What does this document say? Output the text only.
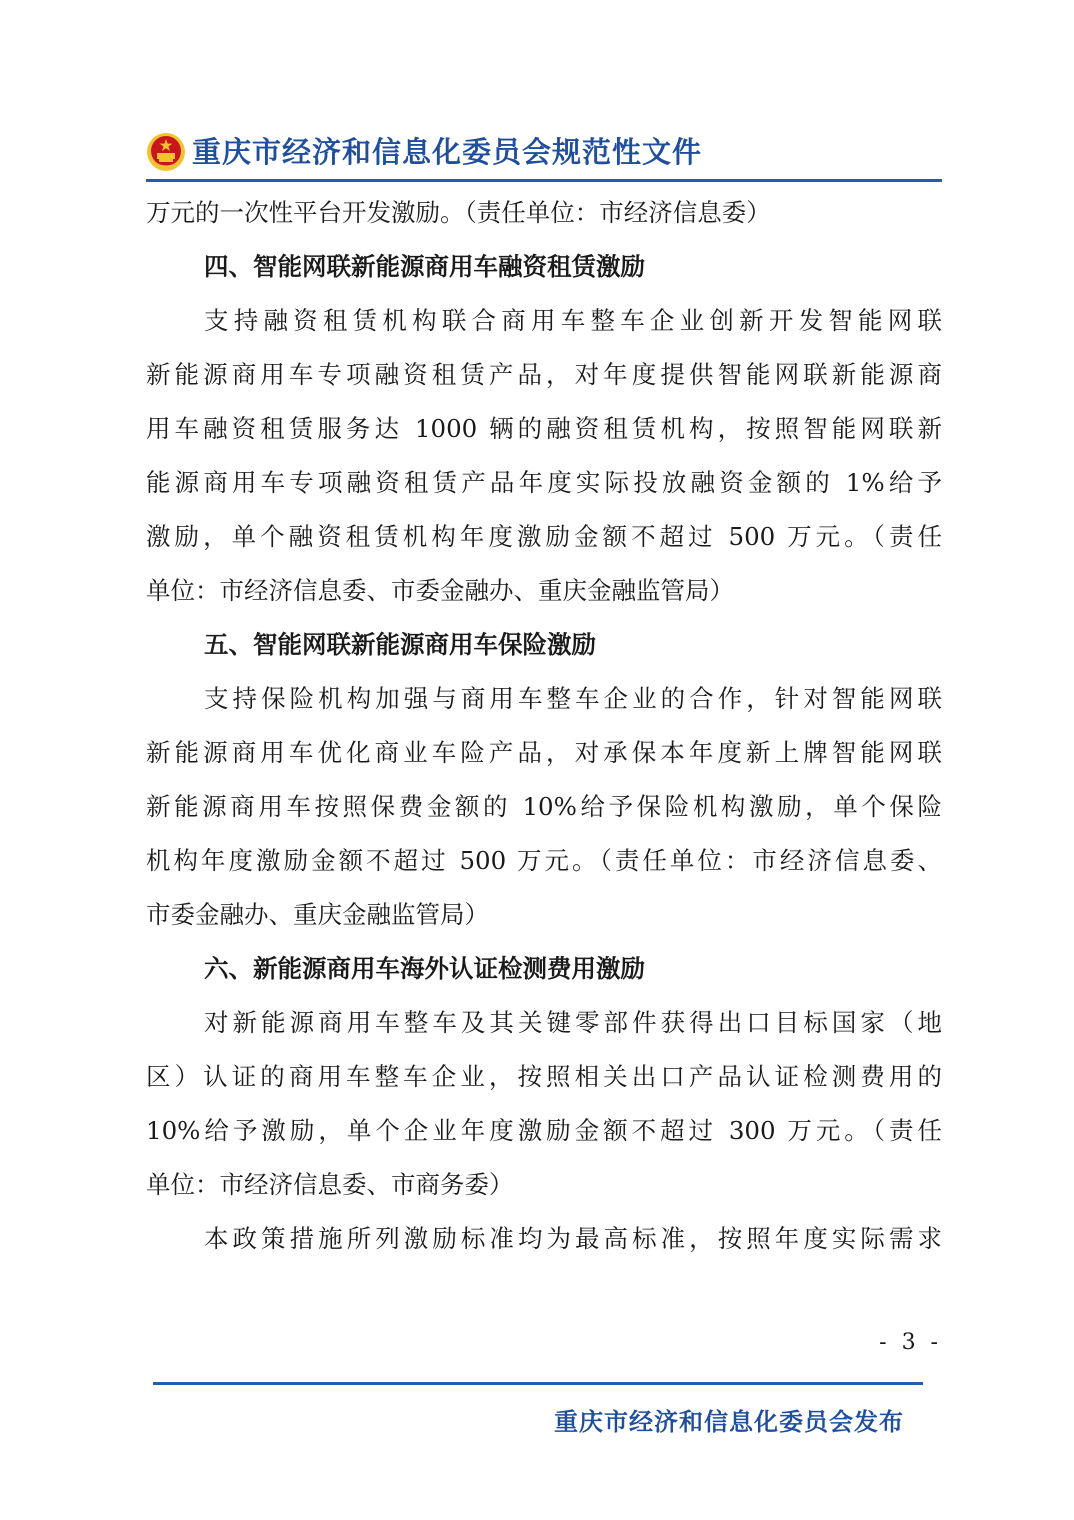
重庆市经济和信息化委员会规范性文件
万元的一次性平台开发激励。（责任单位：市经济信息委）
四、智能网联新能源商用车融资租赁激励
支持融资租赁机构联合商用车整车企业创新开发智能网联
新能源商用车专项融资租赁产品，对年度提供智能网联新能源商
用车融资租赁服务达 1000 辆的融资租赁机构，按照智能网联新
能源商用车专项融资租赁产品年度实际投放融资金额的 1%给予
激励，单个融资租赁机构年度激励金额不超过 500 万元。（责任
单位：市经济信息委、市委金融办、重庆金融监管局）
五、智能网联新能源商用车保险激励
支持保险机构加强与商用车整车企业的合作，针对智能网联
新能源商用车优化商业车险产品，对承保本年度新上牌智能网联
新能源商用车按照保费金额的 10%给予保险机构激励，单个保险
机构年度激励金额不超过 500 万元。（责任单位：市经济信息委、
市委金融办、重庆金融监管局）
六、新能源商用车海外认证检测费用激励
对新能源商用车整车及其关键零部件获得出口目标国家（地
区）认证的商用车整车企业，按照相关出口产品认证检测费用的
10%给予激励，单个企业年度激励金额不超过 300 万元。（责任
单位：市经济信息委、市商务委）
本政策措施所列激励标准均为最高标准，按照年度实际需求
- 3 -
重庆市经济和信息化委员会发布
